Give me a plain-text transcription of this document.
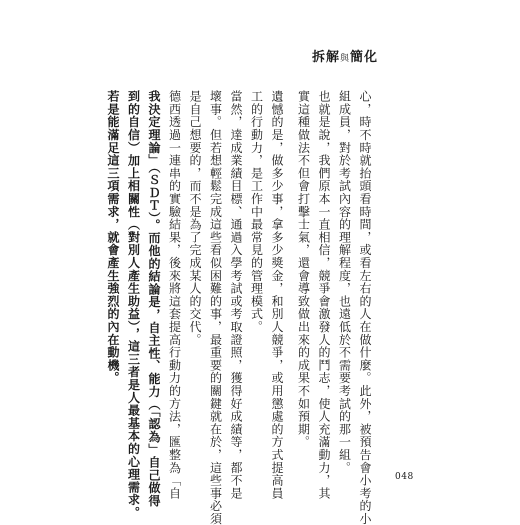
拆解與簡化
心，時不時就抬頭看時間，或看左右的人在做什麼。此外，被預告會小考的小
組成員，對於考試內容的理解程度，也遠低於不需要考試的那一組。
也就是說，我們原本一直相信，競爭會激發人的鬥志，使人充滿動力，其
實這種做法不但會打擊士氣，還會導致做出來的成果不如預期。
遺憾的是，做多少事，拿多少獎金，和別人競爭，或用懲處的方式提高員
工的行動力，是工作中最常見的管理模式。
當然，達成業績目標、通過入學考試或考取證照，獲得好成績等，都不是
壞事。但若想輕鬆完成這些看似困難的事，最重要的關鍵就在於，這些事必須
是自己想要的，而不是為了完成某人的交代。
德西透過一連串的實驗結果，後來將這套提高行動力的方法，匯整為「自
我決定理論」（ＳＤＴ）。而他的結論是，自主性、能力（「認為」自己做得
到的自信）加上相關性（對別人產生助益），這三者是人最基本的心理需求。
若是能滿足這三項需求，就會產生強烈的內在動機。
048
